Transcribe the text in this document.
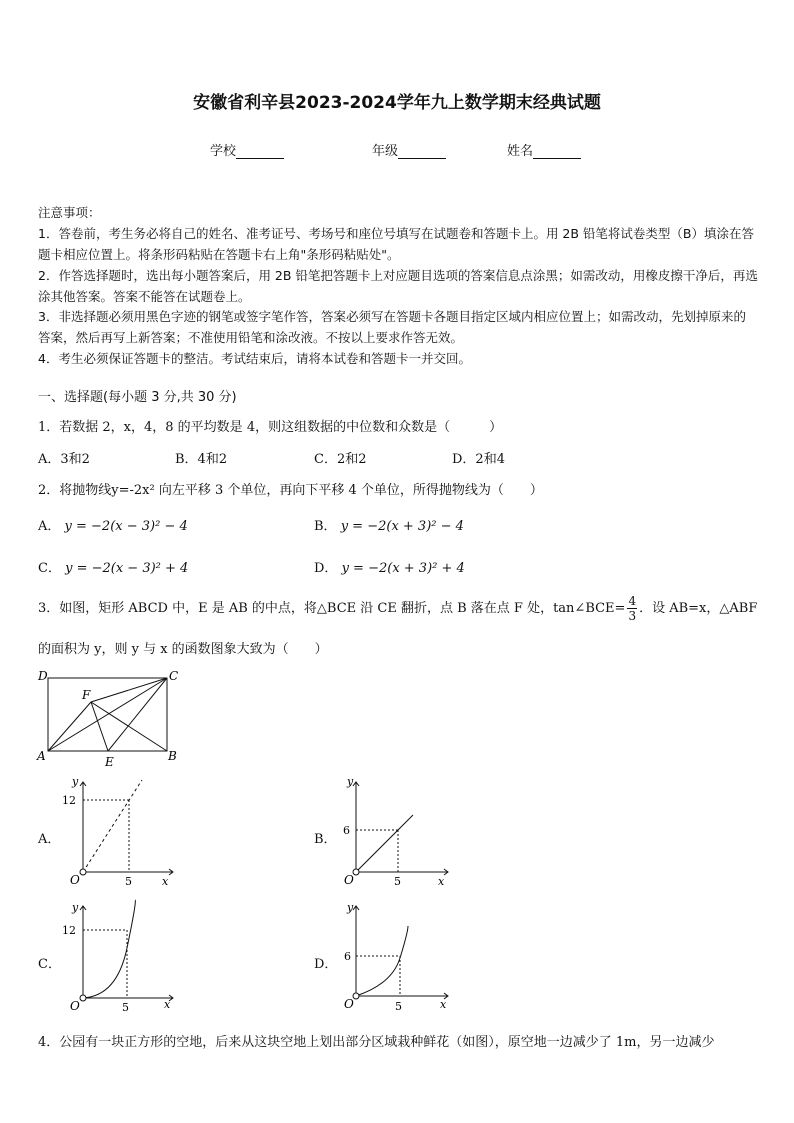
安徽省利辛县2023-2024学年九上数学期末经典试题
学校	年级	姓名
注意事项：
1．答卷前，考生务必将自己的姓名、准考证号、考场号和座位号填写在试题卷和答题卡上。用 2B 铅笔将试卷类型（B）填涂在答题卡相应位置上。将条形码粘贴在答题卡右上角"条形码粘贴处"。
2．作答选择题时，选出每小题答案后，用 2B 铅笔把答题卡上对应题目选项的答案信息点涂黑；如需改动，用橡皮擦干净后，再选涂其他答案。答案不能答在试题卷上。
3．非选择题必须用黑色字迹的钢笔或签字笔作答，答案必须写在答题卡各题目指定区域内相应位置上；如需改动，先划掉原来的答案，然后再写上新答案；不准使用铅笔和涂改液。不按以上要求作答无效。
4．考生必须保证答题卡的整洁。考试结束后，请将本试卷和答题卡一并交回。
一、选择题(每小题 3 分,共 30 分)
1．若数据 2，x，4，8 的平均数是 4，则这组数据的中位数和众数是（　　　）
A．3和2	B．4和2	C．2和2	D．2和4
2．将抛物线y=-2x² 向左平移 3 个单位，再向下平移 4 个单位，所得抛物线为（　　）
A． y = −2(x − 3)² − 4	B． y = −2(x + 3)² − 4
C． y = −2(x − 3)² + 4	D． y = −2(x + 3)² + 4
3．如图，矩形 ABCD 中，E 是 AB 的中点，将△BCE 沿 CE 翻折，点 B 落在点 F 处，tan∠BCE= $\frac{4}{3}$ ．设 AB=x，△ABF
的面积为 y，则 y 与 x 的函数图象大致为（　　）
D	C
F
A	B
E
A．
y
x
O
12
5
B．
y
x
O
6
5
C．
y
x
O
12
5
D．
y
x
O
6
5
4．公园有一块正方形的空地，后来从这块空地上划出部分区域栽种鲜花（如图），原空地一边减少了 1m，另一边减少
